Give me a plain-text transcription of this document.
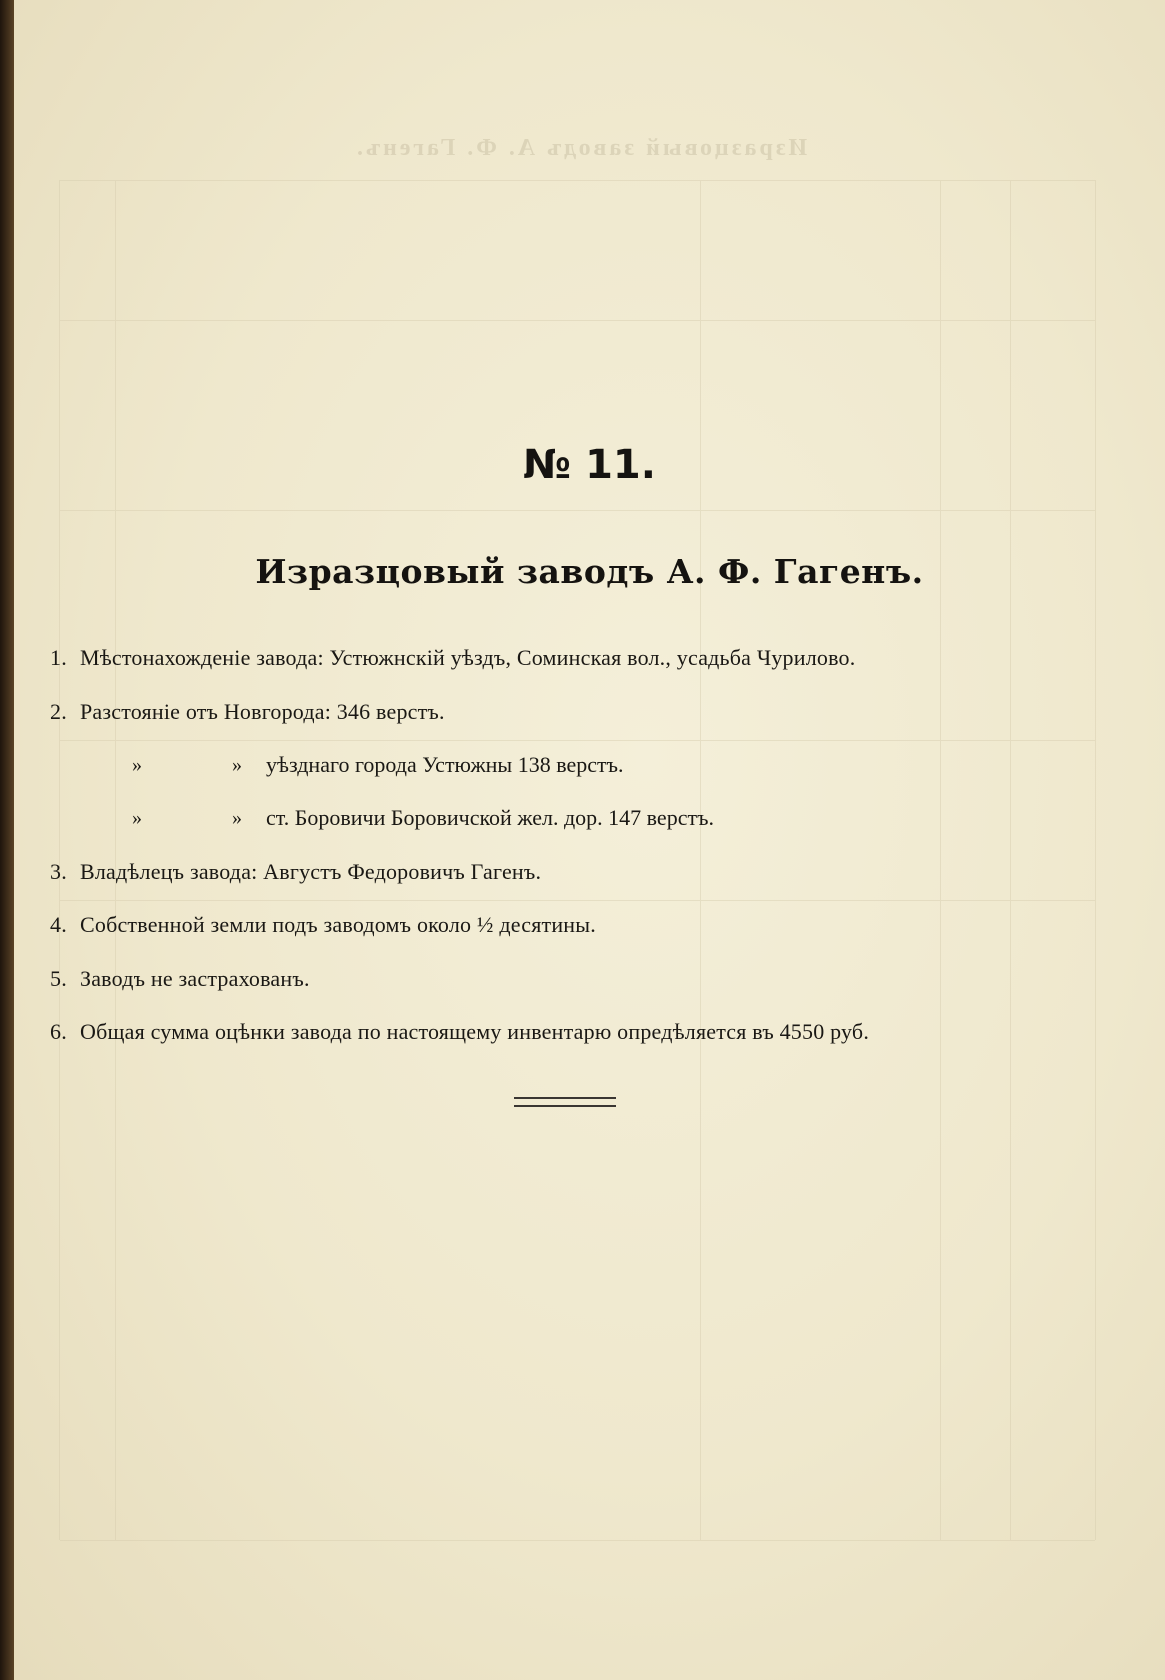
Изразцовый заводъ А. Ф. Гагенъ.
№ 11.
Изразцовый заводъ А. Ф. Гагенъ.
1. Мѣстонахожденіе завода: Устюжнскій уѣздъ, Соминская вол., усадьба Чурилово.
2. Разстояніе отъ Новгорода: 346 верстъ.
»	» уѣзднаго города Устюжны 138 верстъ.
»	» ст. Боровичи Боровичской жел. дор. 147 верстъ.
3. Владѣлецъ завода: Августъ Федоровичъ Гагенъ.
4. Собственной земли подъ заводомъ около ½ десятины.
5. Заводъ не застрахованъ.
6. Общая сумма оцѣнки завода по настоящему инвентарю опредѣляется въ 4550 руб.
